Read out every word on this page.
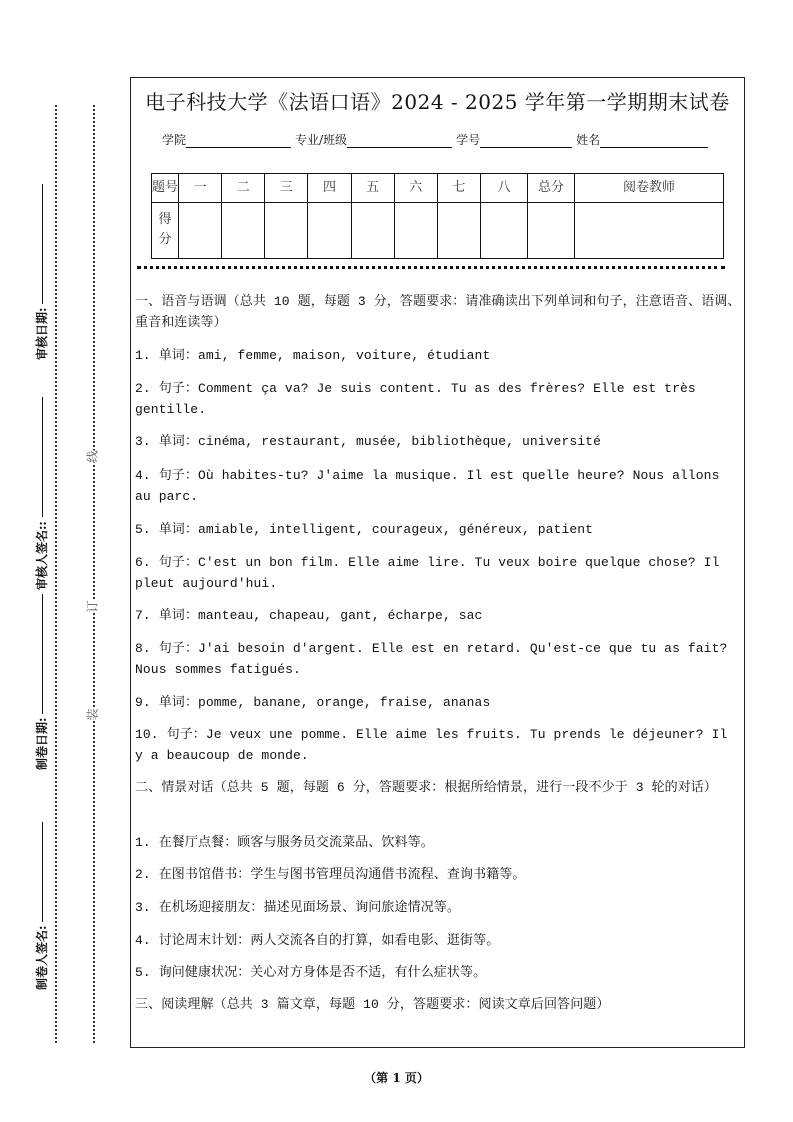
审核日期:
审核人签名::
制卷日期:
制卷人签名:
线
订
装
电子科技大学《法语口语》2024 - 2025 学年第一学期期末试卷
学院	专业/班级	学号	姓名
题号	一	二	三	四	五	六	七	八	总分	阅卷教师
得分										
一、语音与语调（总共 10 题，每题 3 分，答题要求：请准确读出下列单词和句子，注意语音、语调、重音和连读等）
1. 单词：ami, femme, maison, voiture, étudiant
2. 句子：Comment ça va? Je suis content. Tu as des frères? Elle est très gentille.
3. 单词：cinéma, restaurant, musée, bibliothèque, université
4. 句子：Où habites-tu? J'aime la musique. Il est quelle heure? Nous allons au parc.
5. 单词：amiable, intelligent, courageux, généreux, patient
6. 句子：C'est un bon film. Elle aime lire. Tu veux boire quelque chose? Il pleut aujourd'hui.
7. 单词：manteau, chapeau, gant, écharpe, sac
8. 句子：J'ai besoin d'argent. Elle est en retard. Qu'est-ce que tu as fait? Nous sommes fatigués.
9. 单词：pomme, banane, orange, fraise, ananas
10. 句子：Je veux une pomme. Elle aime les fruits. Tu prends le déjeuner? Il y a beaucoup de monde.
二、情景对话（总共 5 题，每题 6 分，答题要求：根据所给情景，进行一段不少于 3 轮的对话）
1. 在餐厅点餐：顾客与服务员交流菜品、饮料等。
2. 在图书馆借书：学生与图书管理员沟通借书流程、查询书籍等。
3. 在机场迎接朋友：描述见面场景、询问旅途情况等。
4. 讨论周末计划：两人交流各自的打算，如看电影、逛街等。
5. 询问健康状况：关心对方身体是否不适，有什么症状等。
三、阅读理解（总共 3 篇文章，每题 10 分，答题要求：阅读文章后回答问题）
（第 1 页）
